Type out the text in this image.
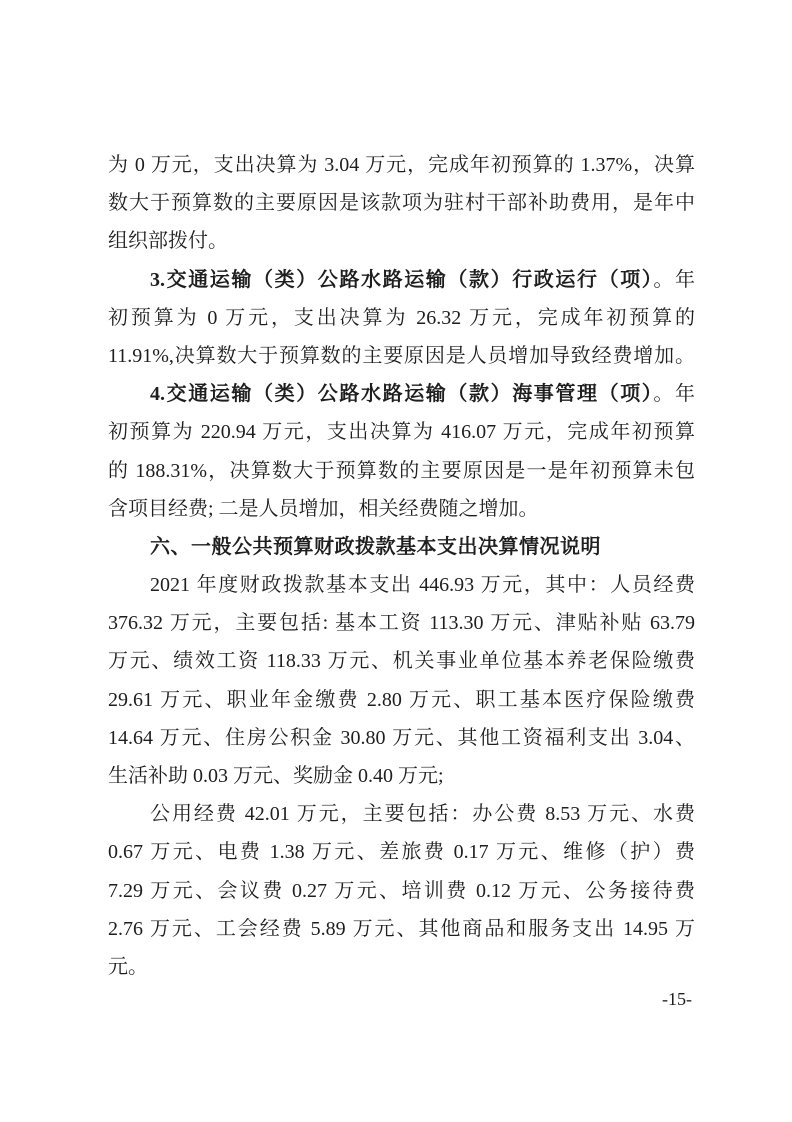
为 0 万元，支出决算为 3.04 万元，完成年初预算的 1.37%，决算
数大于预算数的主要原因是该款项为驻村干部补助费用，是年中
组织部拨付。
3.交通运输（类）公路水路运输（款）行政运行（项）。年
初预算为 0 万元，支出决算为 26.32 万元，完成年初预算的
11.91%,决算数大于预算数的主要原因是人员增加导致经费增加。
4.交通运输（类）公路水路运输（款）海事管理（项）。年
初预算为 220.94 万元，支出决算为 416.07 万元，完成年初预算
的 188.31%，决算数大于预算数的主要原因是一是年初预算未包
含项目经费; 二是人员增加，相关经费随之增加。
六、一般公共预算财政拨款基本支出决算情况说明
2021 年度财政拨款基本支出 446.93 万元，其中：人员经费
376.32 万元，主要包括: 基本工资 113.30 万元、津贴补贴 63.79
万元、绩效工资 118.33 万元、机关事业单位基本养老保险缴费
29.61 万元、职业年金缴费 2.80 万元、职工基本医疗保险缴费
14.64 万元、住房公积金 30.80 万元、其他工资福利支出 3.04、
生活补助 0.03 万元、奖励金 0.40 万元;
公用经费 42.01 万元，主要包括：办公费 8.53 万元、水费
0.67 万元、电费 1.38 万元、差旅费 0.17 万元、维修（护）费
7.29 万元、会议费 0.27 万元、培训费 0.12 万元、公务接待费
2.76 万元、工会经费 5.89 万元、其他商品和服务支出 14.95 万
元。
-15-
